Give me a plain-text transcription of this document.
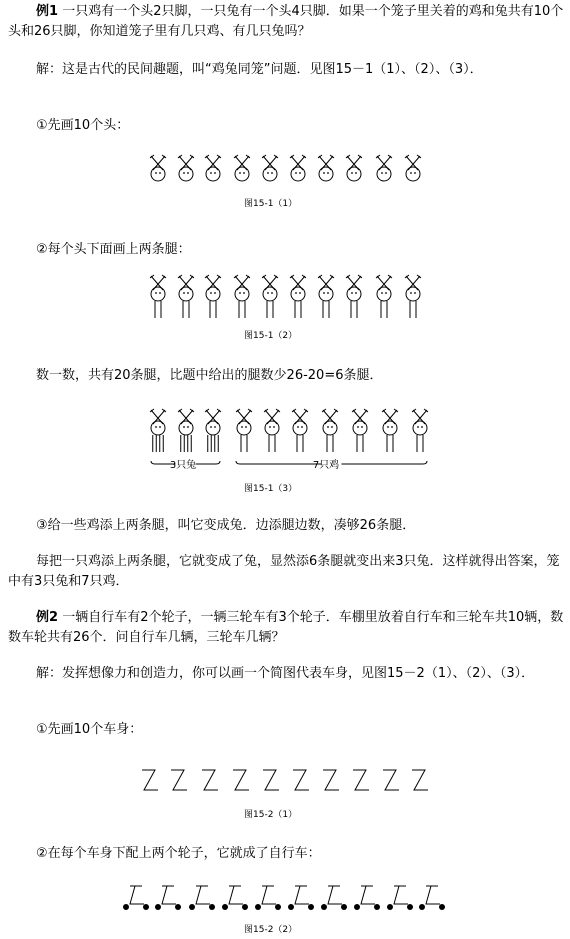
例1 一只鸡有一个头2只脚，一只兔有一个头4只脚．如果一个笼子里关着的鸡和兔共有10个头和26只脚，你知道笼子里有几只鸡、有几只兔吗？

解：这是古代的民间趣题，叫“鸡兔同笼”问题．见图15－1（1）、（2）、（3）．

①先画10个头：

图15-1（1）

②每个头下面画上两条腿：

图15-1（2）

数一数，共有20条腿，比题中给出的腿数少26-20=6条腿．

3只兔	7只鸡
图15-1（3）

③给一些鸡添上两条腿，叫它变成兔．边添腿边数，凑够26条腿．

每把一只鸡添上两条腿，它就变成了兔，显然添6条腿就变出来3只兔．这样就得出答案，笼中有3只兔和7只鸡．

例2 一辆自行车有2个轮子，一辆三轮车有3个轮子．车棚里放着自行车和三轮车共10辆，数数车轮共有26个．问自行车几辆，三轮车几辆？

解：发挥想像力和创造力，你可以画一个简图代表车身，见图15－2（1）、（2）、（3）．

①先画10个车身：

图15-2（1）

②在每个车身下配上两个轮子，它就成了自行车：

图15-2（2）
